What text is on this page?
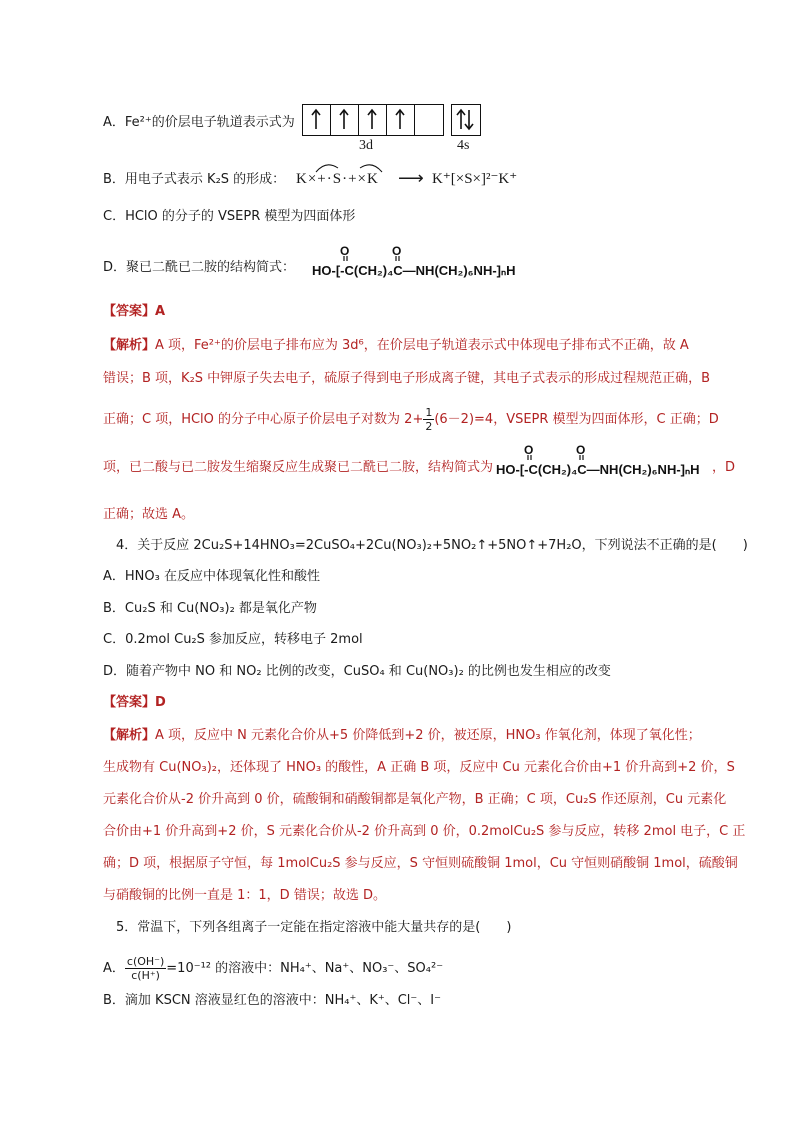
A．Fe²⁺的价层电子轨道表示式为
3d	4s
B．用电子式表示 K₂S 的形成： K×+·S·+×K ⟶ K⁺[×S×]²⁻K⁺
C．HClO 的分子的 VSEPR 模型为四面体形
D．聚已二酰已二胺的结构简式：
O	O
HO-[-C(CH₂)₄C—NH(CH₂)₆NH-]ₙH
【答案】A
【解析】A 项，Fe²⁺的价层电子排布应为 3d⁶，在价层电子轨道表示式中体现电子排布式不正确，故 A
错误；B 项，K₂S 中钾原子失去电子，硫原子得到电子形成离子键，其电子式表示的形成过程规范正确，B
正确；C 项，HClO 的分子中心原子价层电子对数为 $2+ \frac{1}{2} (6-2)=4$，VSEPR 模型为四面体形，C 正确；D
项，已二酸与已二胺发生缩聚反应生成聚已二酰已二胺，结构简式为
O	O
HO-[-C(CH₂)₄C—NH(CH₂)₆NH-]ₙH ，D
正确；故选 A。
4．关于反应 2Cu₂S+14HNO₃=2CuSO₄+2Cu(NO₃)₂+5NO₂↑+5NO↑+7H₂O，下列说法不正确的是(　　)
A．HNO₃ 在反应中体现氧化性和酸性
B．Cu₂S 和 Cu(NO₃)₂ 都是氧化产物
C．0.2mol Cu₂S 参加反应，转移电子 2mol
D．随着产物中 NO 和 NO₂ 比例的改变，CuSO₄ 和 Cu(NO₃)₂ 的比例也发生相应的改变
【答案】D
【解析】A 项，反应中 N 元素化合价从+5 价降低到+2 价，被还原，HNO₃ 作氧化剂，体现了氧化性；
生成物有 Cu(NO₃)₂，还体现了 HNO₃ 的酸性，A 正确 B 项，反应中 Cu 元素化合价由+1 价升高到+2 价，S
元素化合价从-2 价升高到 0 价，硫酸铜和硝酸铜都是氧化产物，B 正确；C 项，Cu₂S 作还原剂，Cu 元素化
合价由+1 价升高到+2 价，S 元素化合价从-2 价升高到 0 价，0.2molCu₂S 参与反应，转移 2mol 电子，C 正
确；D 项，根据原子守恒，每 1molCu₂S 参与反应，S 守恒则硫酸铜 1mol，Cu 守恒则硝酸铜 1mol，硫酸铜
与硝酸铜的比例一直是 1：1，D 错误；故选 D。
5．常温下，下列各组离子一定能在指定溶液中能大量共存的是(　　)
A． $\frac{c(OH^-)}{c(H^+)} =10^{-12}$ 的溶液中：NH₄⁺、Na⁺、NO₃⁻、SO₄²⁻
B．滴加 KSCN 溶液显红色的溶液中：NH₄⁺、K⁺、Cl⁻、I⁻
